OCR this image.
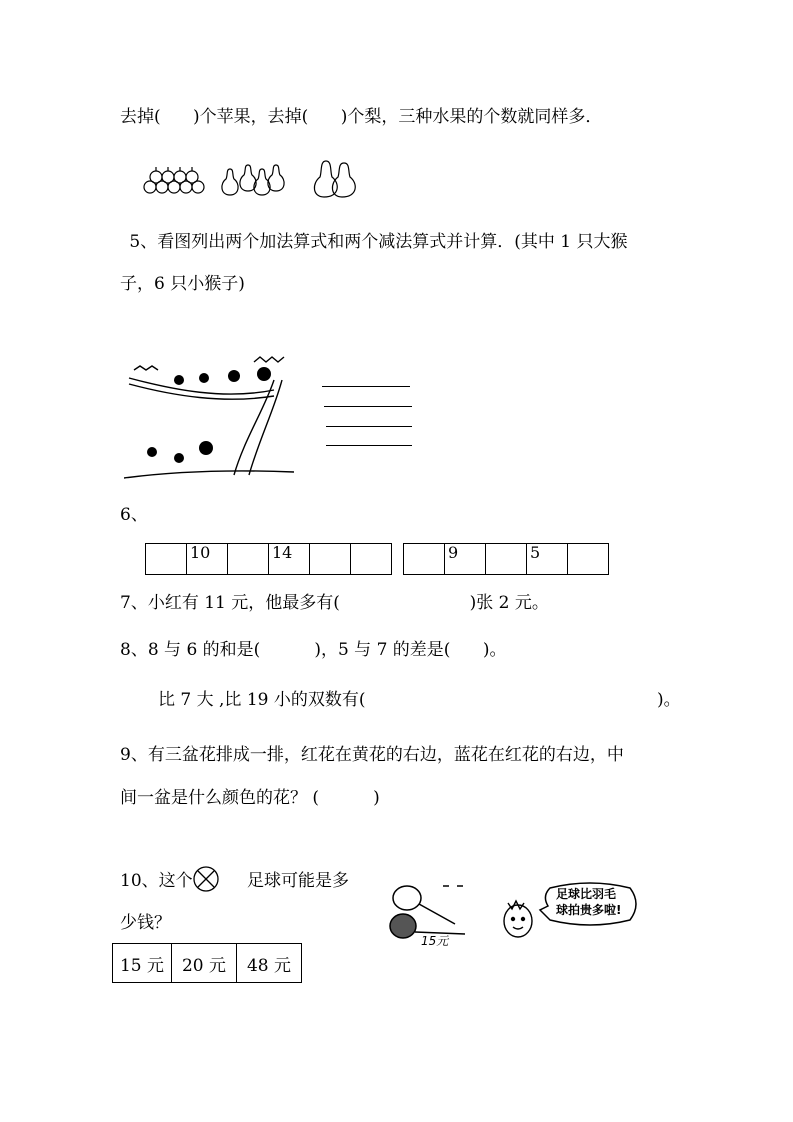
去掉(      )个苹果，去掉(      )个梨，三种水果的个数就同样多．
5、看图列出两个加法算式和两个减法算式并计算．(其中 1 只大猴
子，6 只小猴子)
6、
	10		14		
		9		5	
7、小红有 11 元，他最多有(                        )张 2 元。
8、8 与 6 的和是(          )，5 与 7 的差是(      )。
比 7 大 ,比 19 小的双数有(	)。
9、有三盆花排成一排，红花在黄花的右边，蓝花在红花的右边，中
间一盆是什么颜色的花？ (          )
10、这个	足球可能是多
少钱？
15 元	20 元	48 元
15元
足球比羽毛
球拍贵多啦!
